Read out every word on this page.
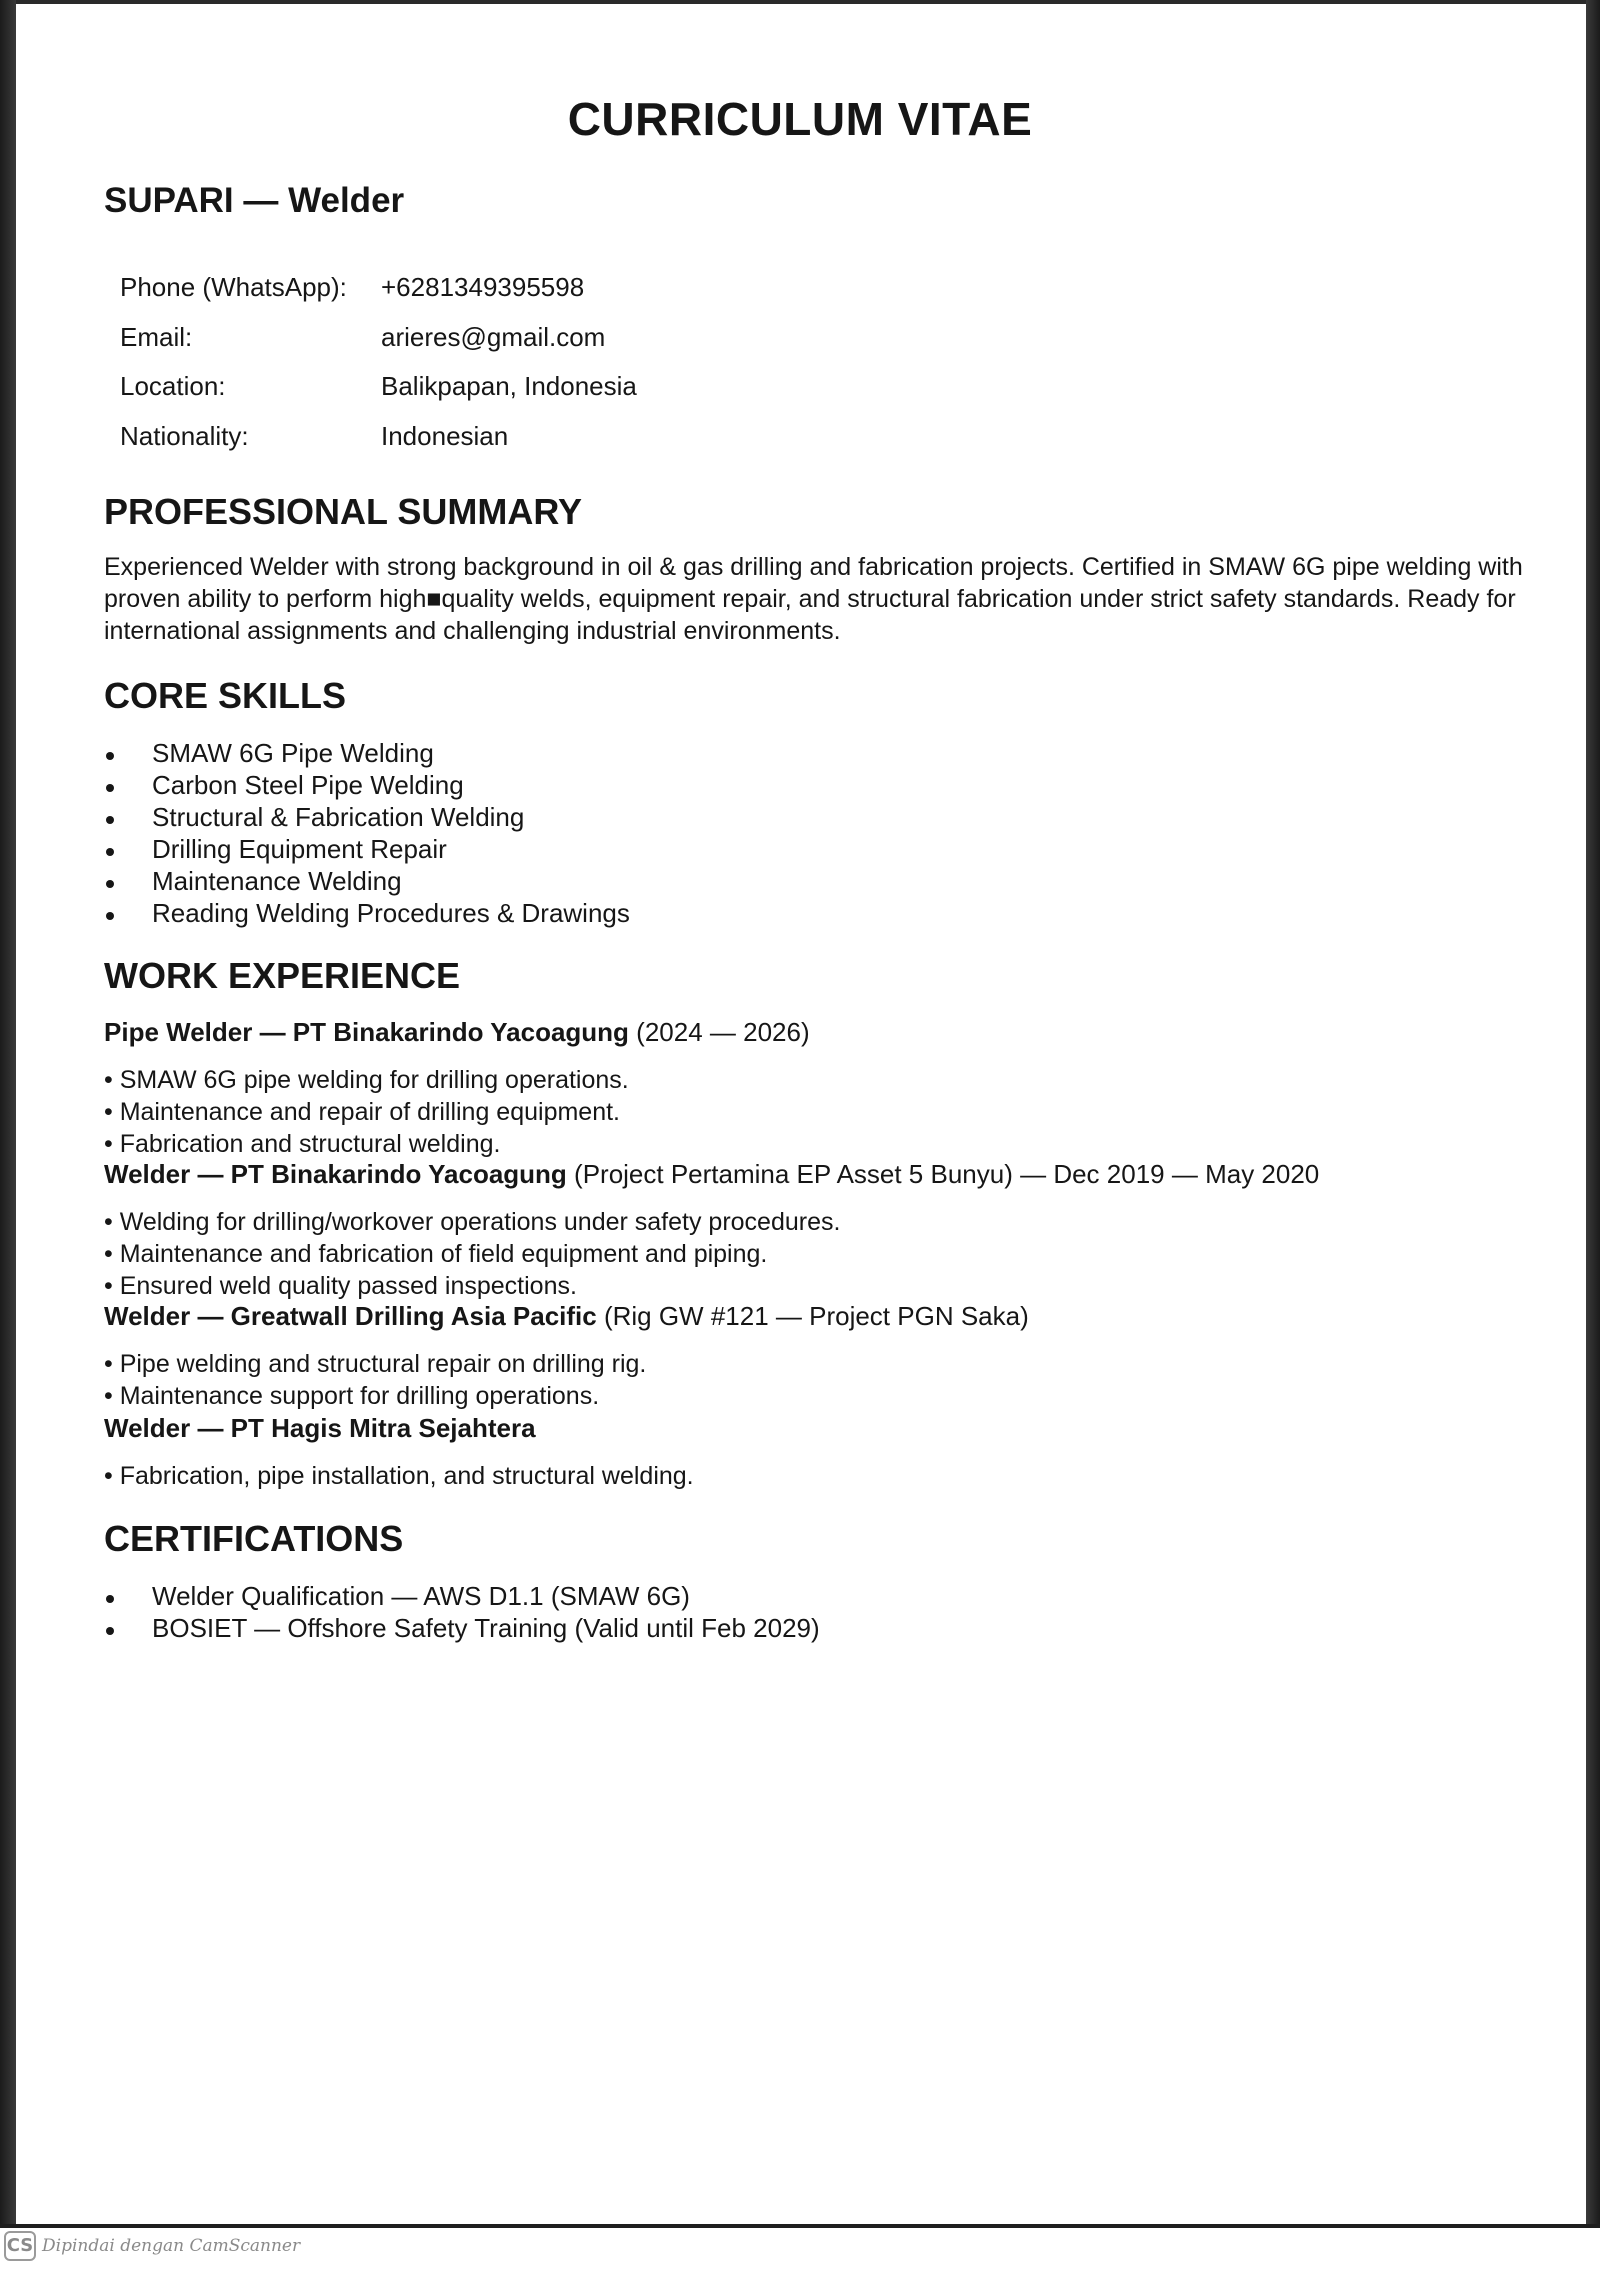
CURRICULUM VITAE
SUPARI — Welder
Phone (WhatsApp): +6281349395598
Email:	arieres@gmail.com
Location:	Balikpapan, Indonesia
Nationality:	Indonesian
PROFESSIONAL SUMMARY
Experienced Welder with strong background in oil & gas drilling and fabrication projects. Certified in SMAW 6G pipe welding with proven ability to perform high■quality welds, equipment repair, and structural fabrication under strict safety standards. Ready for international assignments and challenging industrial environments.
CORE SKILLS
SMAW 6G Pipe Welding
Carbon Steel Pipe Welding
Structural & Fabrication Welding
Drilling Equipment Repair
Maintenance Welding
Reading Welding Procedures & Drawings
WORK EXPERIENCE
Pipe Welder — PT Binakarindo Yacoagung (2024 — 2026)
• SMAW 6G pipe welding for drilling operations.
• Maintenance and repair of drilling equipment.
• Fabrication and structural welding.
Welder — PT Binakarindo Yacoagung (Project Pertamina EP Asset 5 Bunyu) — Dec 2019 — May 2020
• Welding for drilling/workover operations under safety procedures.
• Maintenance and fabrication of field equipment and piping.
• Ensured weld quality passed inspections.
Welder — Greatwall Drilling Asia Pacific (Rig GW #121 — Project PGN Saka)
• Pipe welding and structural repair on drilling rig.
• Maintenance support for drilling operations.
Welder — PT Hagis Mitra Sejahtera
• Fabrication, pipe installation, and structural welding.
CERTIFICATIONS
Welder Qualification — AWS D1.1 (SMAW 6G)
BOSIET — Offshore Safety Training (Valid until Feb 2029)
CS Dipindai dengan CamScanner
